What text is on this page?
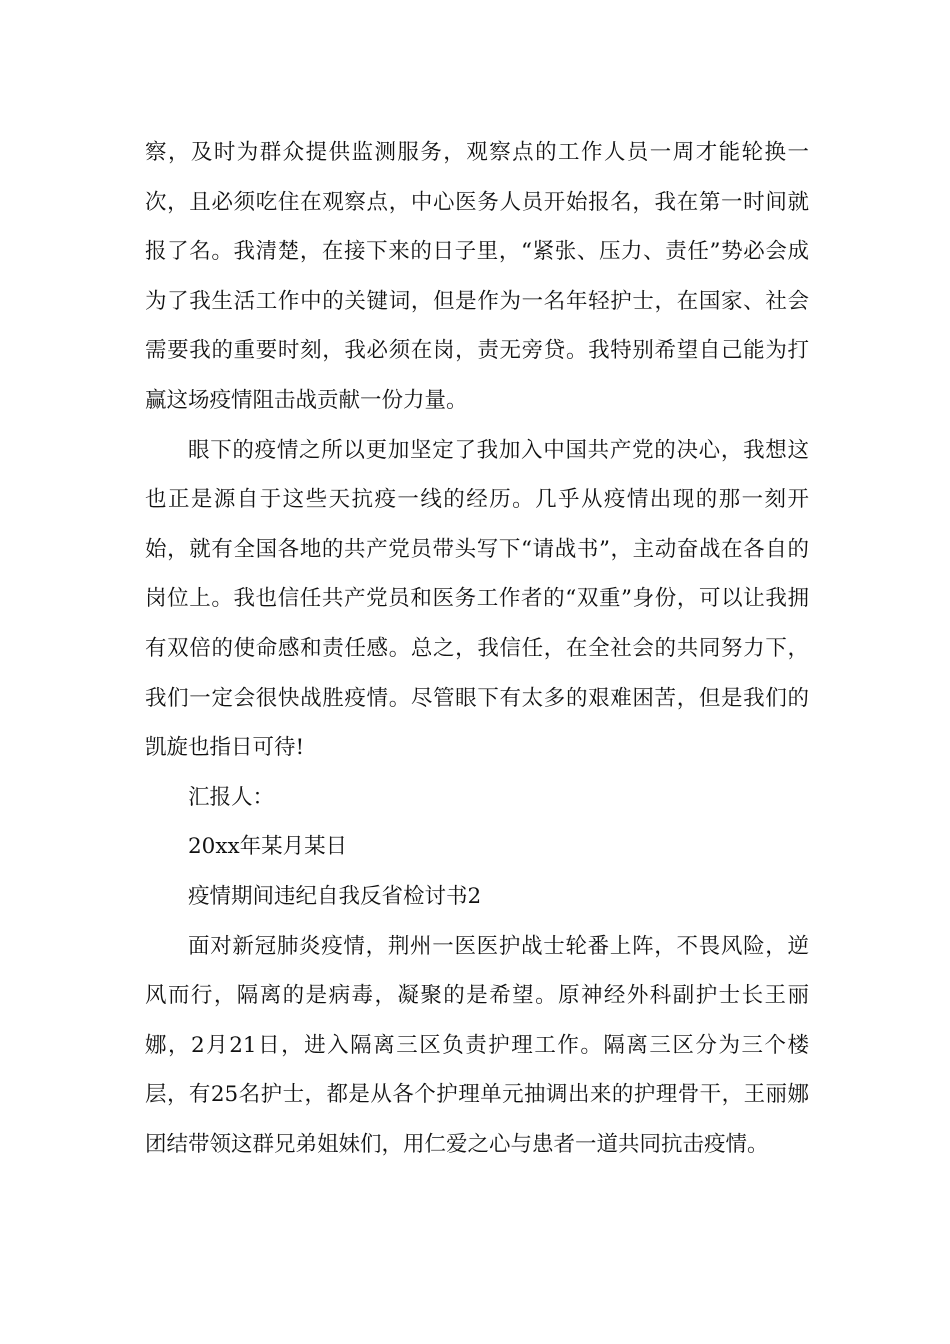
察，及时为群众提供监测服务，观察点的工作人员一周才能轮换一次，且必须吃住在观察点，中心医务人员开始报名，我在第一时间就报了名。我清楚，在接下来的日子里，“紧张、压力、责任”势必会成为了我生活工作中的关键词，但是作为一名年轻护士，在国家、社会需要我的重要时刻，我必须在岗，责无旁贷。我特别希望自己能为打赢这场疫情阻击战贡献一份力量。

眼下的疫情之所以更加坚定了我加入中国共产党的决心，我想这也正是源自于这些天抗疫一线的经历。几乎从疫情出现的那一刻开始，就有全国各地的共产党员带头写下“请战书”，主动奋战在各自的岗位上。我也信任共产党员和医务工作者的“双重”身份，可以让我拥有双倍的使命感和责任感。总之，我信任，在全社会的共同努力下，我们一定会很快战胜疫情。尽管眼下有太多的艰难困苦，但是我们的凯旋也指日可待!

汇报人：

20xx年某月某日

疫情期间违纪自我反省检讨书2

面对新冠肺炎疫情，荆州一医医护战士轮番上阵，不畏风险，逆风而行，隔离的是病毒，凝聚的是希望。原神经外科副护士长王丽娜，2月21日，进入隔离三区负责护理工作。隔离三区分为三个楼层，有25名护士，都是从各个护理单元抽调出来的护理骨干，王丽娜团结带领这群兄弟姐妹们，用仁爱之心与患者一道共同抗击疫情。
